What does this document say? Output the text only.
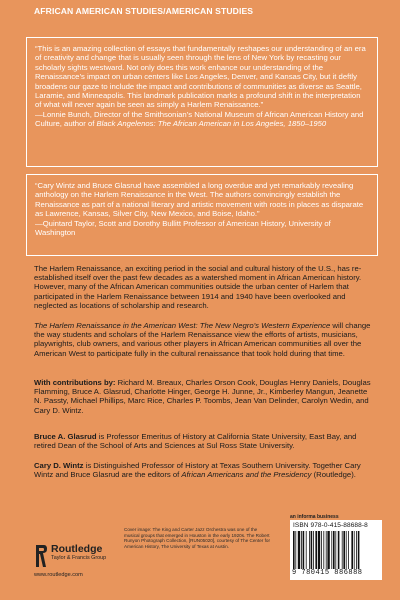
AFRICAN AMERICAN STUDIES/AMERICAN STUDIES

“This is an amazing collection of essays that fundamentally reshapes our understanding of an era of creativity and change that is usually seen through the lens of New York by recasting our scholarly sights westward. Not only does this work enhance our understanding of the Renaissance’s impact on urban centers like Los Angeles, Denver, and Kansas City, but it deftly broadens our gaze to include the impact and contributions of communities as diverse as Seattle, Laramie, and Minneapolis. This landmark publication marks a profound shift in the interpretation of what will never again be seen as simply a Harlem Renaissance.”

—Lonnie Bunch, Director of the Smithsonian’s National Museum of African American History and Culture, author of Black Angelenos: The African American in Los Angeles, 1850–1950

“Cary Wintz and Bruce Glasrud have assembled a long overdue and yet remarkably revealing anthology on the Harlem Renaissance in the West. The authors convincingly establish the Renaissance as part of a national literary and artistic movement with roots in places as disparate as Lawrence, Kansas, Silver City, New Mexico, and Boise, Idaho.”

—Quintard Taylor, Scott and Dorothy Bullitt Professor of American History, University of Washington

The Harlem Renaissance, an exciting period in the social and cultural history of the U.S., has re-established itself over the past few decades as a watershed moment in African American history. However, many of the African American communities outside the urban center of Harlem that participated in the Harlem Renaissance between 1914 and 1940 have been overlooked and neglected as locations of scholarship and research.
The Harlem Renaissance in the American West: The New Negro’s Western Experience will change the way students and scholars of the Harlem Renaissance view the efforts of artists, musicians, playwrights, club owners, and various other players in African American communities all over the American West to participate fully in the cultural renaissance that took hold during that time.
With contributions by: Richard M. Breaux, Charles Orson Cook, Douglas Henry Daniels, Douglas Flamming, Bruce A. Glasrud, Charlotte Hinger, George H. Junne, Jr., Kimberley Mangun, Jeanette N. Passty, Michael Phillips, Marc Rice, Charles P. Toombs, Jean Van Delinder, Carolyn Wedin, and Cary D. Wintz.
Bruce A. Glasrud is Professor Emeritus of History at California State University, East Bay, and retired Dean of the School of Arts and Sciences at Sul Ross State University.
Cary D. Wintz is Distinguished Professor of History at Texas Southern University. Together Cary Wintz and Bruce Glasrud are the editors of African Americans and the Presidency (Routledge).
Routledge
Taylor & Francis Group
www.routledge.com
Cover image: The King and Carter Jazz Orchestra was one of the musical groups that emerged in Houston in the early 1920s. The Robert Runyon Photograph Collection, [RUN05020], courtesy of The Center for American History, The University of Texas at Austin.
an informa business
ISBN 978-0-415-88688-8
9 780415 886888
